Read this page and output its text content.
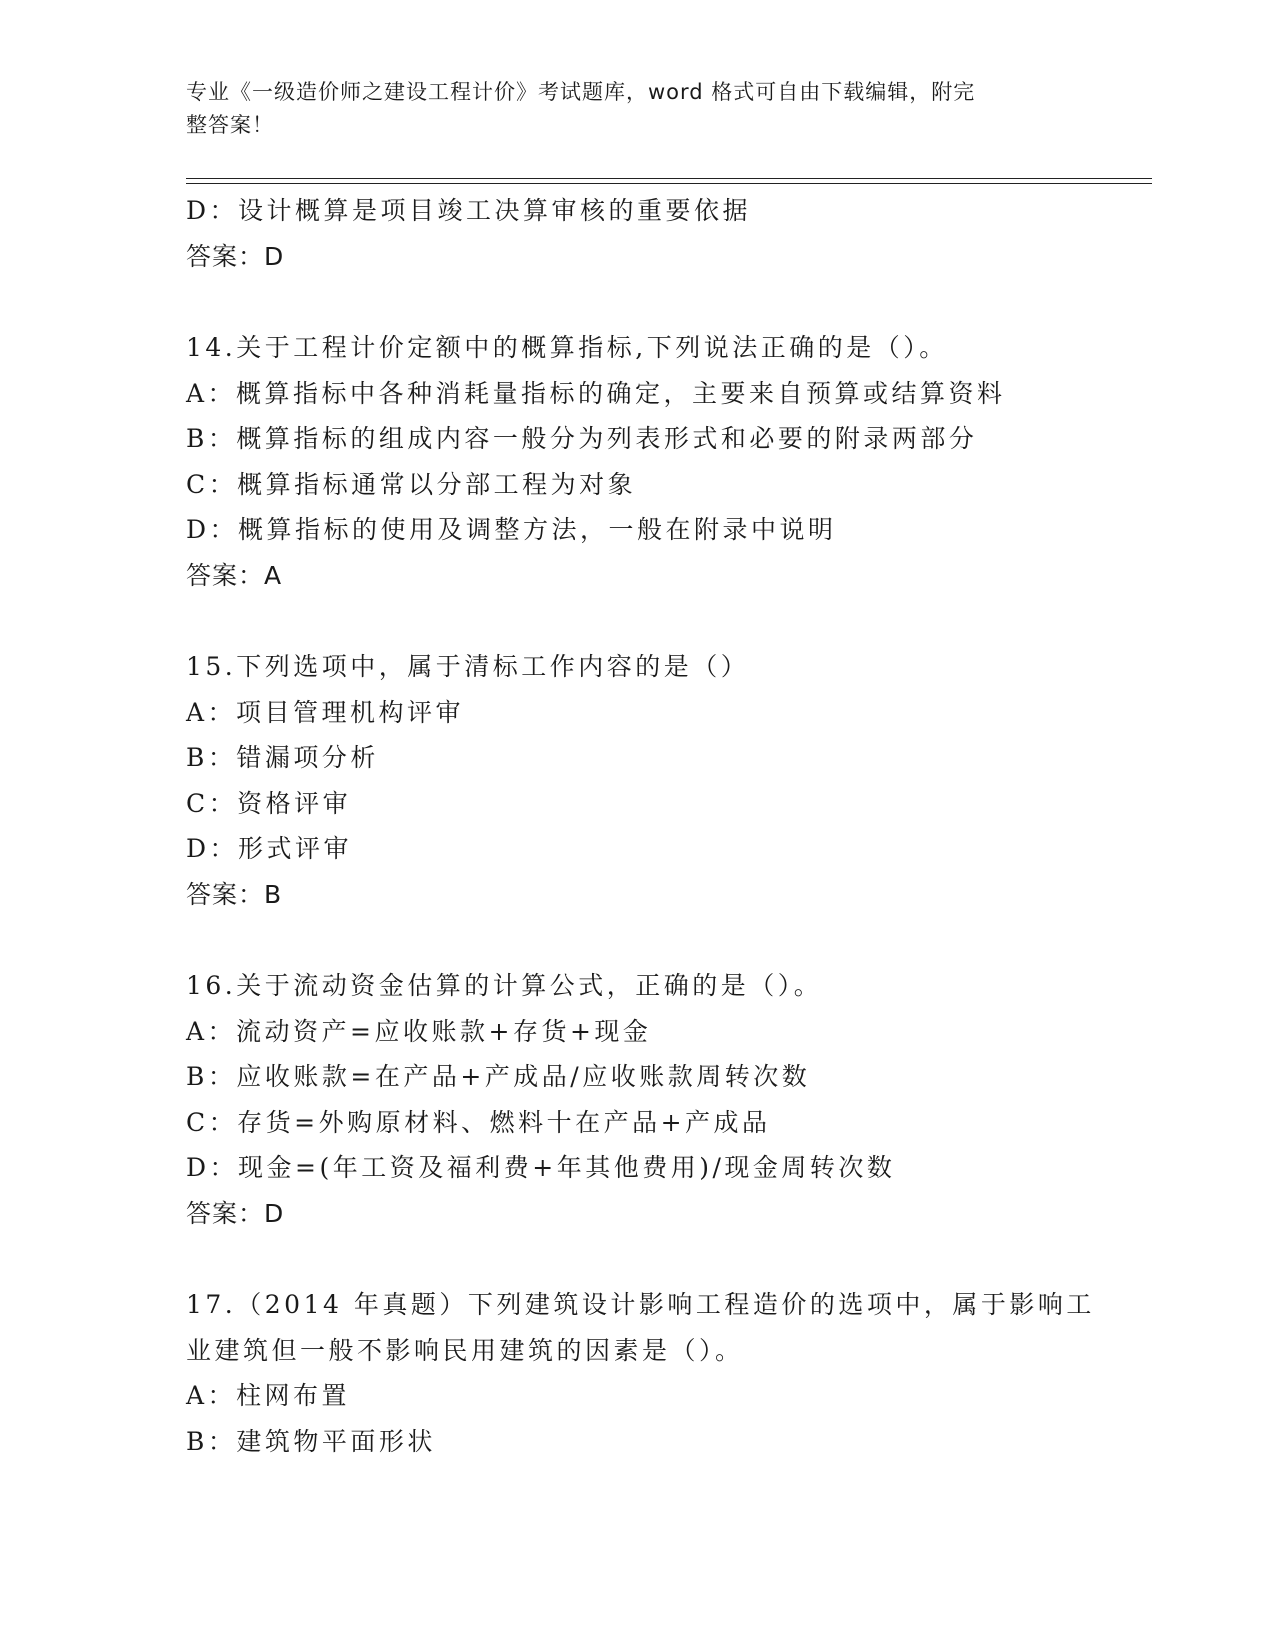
专业《一级造价师之建设工程计价》考试题库，word 格式可自由下载编辑，附完
整答案！
D：设计概算是项目竣工决算审核的重要依据
答案：D
14.关于工程计价定额中的概算指标,下列说法正确的是（）。
A：概算指标中各种消耗量指标的确定，主要来自预算或结算资料
B：概算指标的组成内容一般分为列表形式和必要的附录两部分
C：概算指标通常以分部工程为对象
D：概算指标的使用及调整方法，一般在附录中说明
答案：A
15.下列选项中，属于清标工作内容的是（）
A：项目管理机构评审
B：错漏项分析
C：资格评审
D：形式评审
答案：B
16.关于流动资金估算的计算公式，正确的是（）。
A：流动资产=应收账款+存货+现金
B：应收账款=在产品+产成品/应收账款周转次数
C：存货=外购原材料、燃料十在产品+产成品
D：现金=(年工资及福利费+年其他费用)/现金周转次数
答案：D
17.（2014 年真题）下列建筑设计影响工程造价的选项中，属于影响工
业建筑但一般不影响民用建筑的因素是（）。
A：柱网布置
B：建筑物平面形状
